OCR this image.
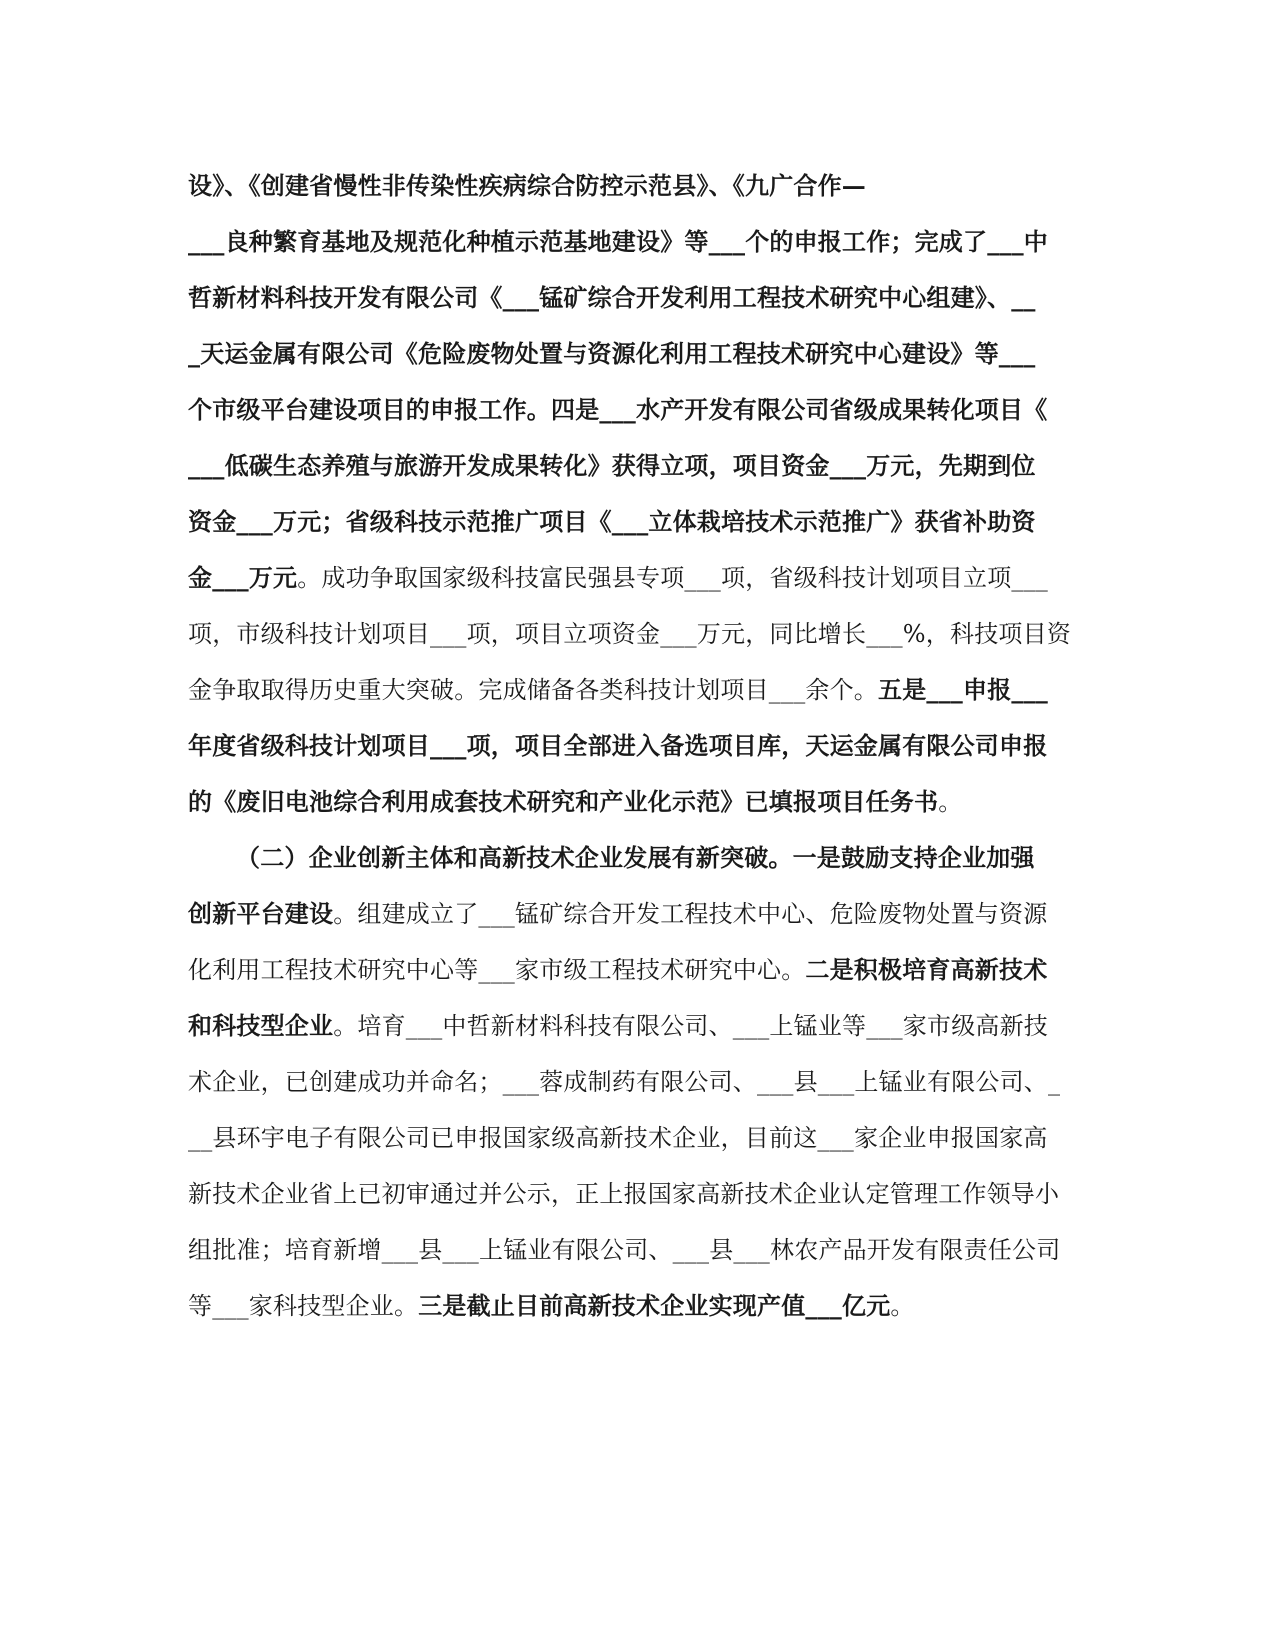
设》、《创建省慢性非传染性疾病综合防控示范县》、《九广合作—
___良种繁育基地及规范化种植示范基地建设》等___个的申报工作；完成了___中
哲新材料科技开发有限公司《___锰矿综合开发利用工程技术研究中心组建》、__
_天运金属有限公司《危险废物处置与资源化利用工程技术研究中心建设》等___
个市级平台建设项目的申报工作。四是___水产开发有限公司省级成果转化项目《
___低碳生态养殖与旅游开发成果转化》获得立项，项目资金___万元，先期到位
资金___万元；省级科技示范推广项目《___立体栽培技术示范推广》获省补助资
金___万元。成功争取国家级科技富民强县专项___项，省级科技计划项目立项___
项，市级科技计划项目___项，项目立项资金___万元，同比增长___%，科技项目资
金争取取得历史重大突破。完成储备各类科技计划项目___余个。五是___申报___
年度省级科技计划项目___项，项目全部进入备选项目库，天运金属有限公司申报
的《废旧电池综合利用成套技术研究和产业化示范》已填报项目任务书。
（二）企业创新主体和高新技术企业发展有新突破。一是鼓励支持企业加强
创新平台建设。组建成立了___锰矿综合开发工程技术中心、危险废物处置与资源
化利用工程技术研究中心等___家市级工程技术研究中心。二是积极培育高新技术
和科技型企业。培育___中哲新材料科技有限公司、___上锰业等___家市级高新技
术企业，已创建成功并命名；___蓉成制药有限公司、___县___上锰业有限公司、_
__县环宇电子有限公司已申报国家级高新技术企业，目前这___家企业申报国家高
新技术企业省上已初审通过并公示，正上报国家高新技术企业认定管理工作领导小
组批准；培育新增___县___上锰业有限公司、___县___林农产品开发有限责任公司
等___家科技型企业。三是截止目前高新技术企业实现产值___亿元。
